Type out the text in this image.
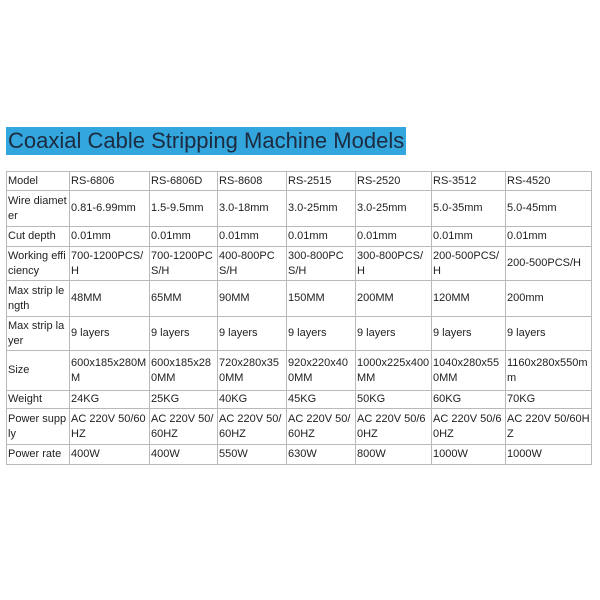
Coaxial Cable Stripping Machine Models
Model	RS-6806	RS-6806D	RS-8608	RS-2515	RS-2520	RS-3512	RS-4520
Wire diameter	0.81-6.99mm	1.5-9.5mm	3.0-18mm	3.0-25mm	3.0-25mm	5.0-35mm	5.0-45mm
Cut depth	0.01mm	0.01mm	0.01mm	0.01mm	0.01mm	0.01mm	0.01mm
Working efficiency	700-1200PCS/H	700-1200PCS/H	400-800PCS/H	300-800PCS/H	300-800PCS/H	200-500PCS/H	200-500PCS/H
Max strip length	48MM	65MM	90MM	150MM	200MM	120MM	200mm
Max strip layer	9 layers	9 layers	9 layers	9 layers	9 layers	9 layers	9 layers
Size	600x185x280MM	600x185x280MM	720x280x350MM	920x220x400MM	1000x225x400MM	1040x280x550MM	1160x280x550mm
Weight	24KG	25KG	40KG	45KG	50KG	60KG	70KG
Power supply	AC 220V 50/60HZ	AC 220V 50/60HZ	AC 220V 50/60HZ	AC 220V 50/60HZ	AC 220V 50/60HZ	AC 220V 50/60HZ	AC 220V 50/60HZ
Power rate	400W	400W	550W	630W	800W	1000W	1000W
